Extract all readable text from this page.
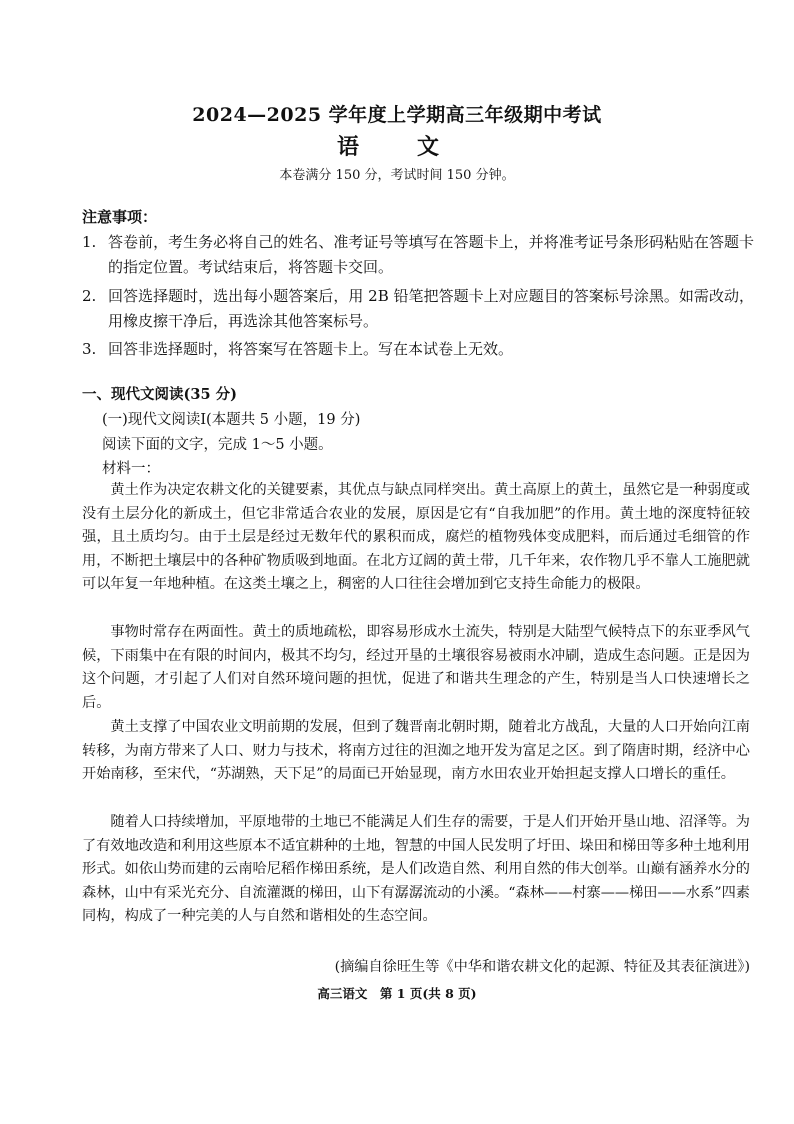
2024—2025 学年度上学期高三年级期中考试
语　文
本卷满分 150 分，考试时间 150 分钟。
注意事项：
1. 答卷前，考生务必将自己的姓名、准考证号等填写在答题卡上，并将准考证号条形码粘贴在答题卡的指定位置。考试结束后，将答题卡交回。
2. 回答选择题时，选出每小题答案后，用 2B 铅笔把答题卡上对应题目的答案标号涂黑。如需改动，用橡皮擦干净后，再选涂其他答案标号。
3. 回答非选择题时，将答案写在答题卡上。写在本试卷上无效。
一、现代文阅读(35 分)
(一)现代文阅读Ⅰ(本题共 5 小题，19 分)
阅读下面的文字，完成 1～5 小题。
材料一：
黄土作为决定农耕文化的关键要素，其优点与缺点同样突出。黄土高原上的黄土，虽然它是一种弱度或没有土层分化的新成土，但它非常适合农业的发展，原因是它有“自我加肥”的作用。黄土地的深度特征较强，且土质均匀。由于土层是经过无数年代的累积而成，腐烂的植物残体变成肥料，而后通过毛细管的作用，不断把土壤层中的各种矿物质吸到地面。在北方辽阔的黄土带，几千年来，农作物几乎不靠人工施肥就可以年复一年地种植。在这类土壤之上，稠密的人口往往会增加到它支持生命能力的极限。
事物时常存在两面性。黄土的质地疏松，即容易形成水土流失，特别是大陆型气候特点下的东亚季风气候，下雨集中在有限的时间内，极其不均匀，经过开垦的土壤很容易被雨水冲刷，造成生态问题。正是因为这个问题，才引起了人们对自然环境问题的担忧，促进了和谐共生理念的产生，特别是当人口快速增长之后。
黄土支撑了中国农业文明前期的发展，但到了魏晋南北朝时期，随着北方战乱，大量的人口开始向江南转移，为南方带来了人口、财力与技术，将南方过往的泹洳之地开发为富足之区。到了隋唐时期，经济中心开始南移，至宋代，“苏湖熟，天下足”的局面已开始显现，南方水田农业开始担起支撑人口增长的重任。
随着人口持续增加，平原地带的土地已不能满足人们生存的需要，于是人们开始开垦山地、沼泽等。为了有效地改造和利用这些原本不适宜耕种的土地，智慧的中国人民发明了圩田、垛田和梯田等多种土地利用形式。如依山势而建的云南哈尼稻作梯田系统，是人们改造自然、利用自然的伟大创举。山巅有涵养水分的森林，山中有采光充分、自流灌溉的梯田，山下有潺潺流动的小溪。“森林——村寨——梯田——水系”四素同构，构成了一种完美的人与自然和谐相处的生态空间。
(摘编自徐旺生等《中华和谐农耕文化的起源、特征及其表征演进》)
高三语文　第 1 页(共 8 页)
